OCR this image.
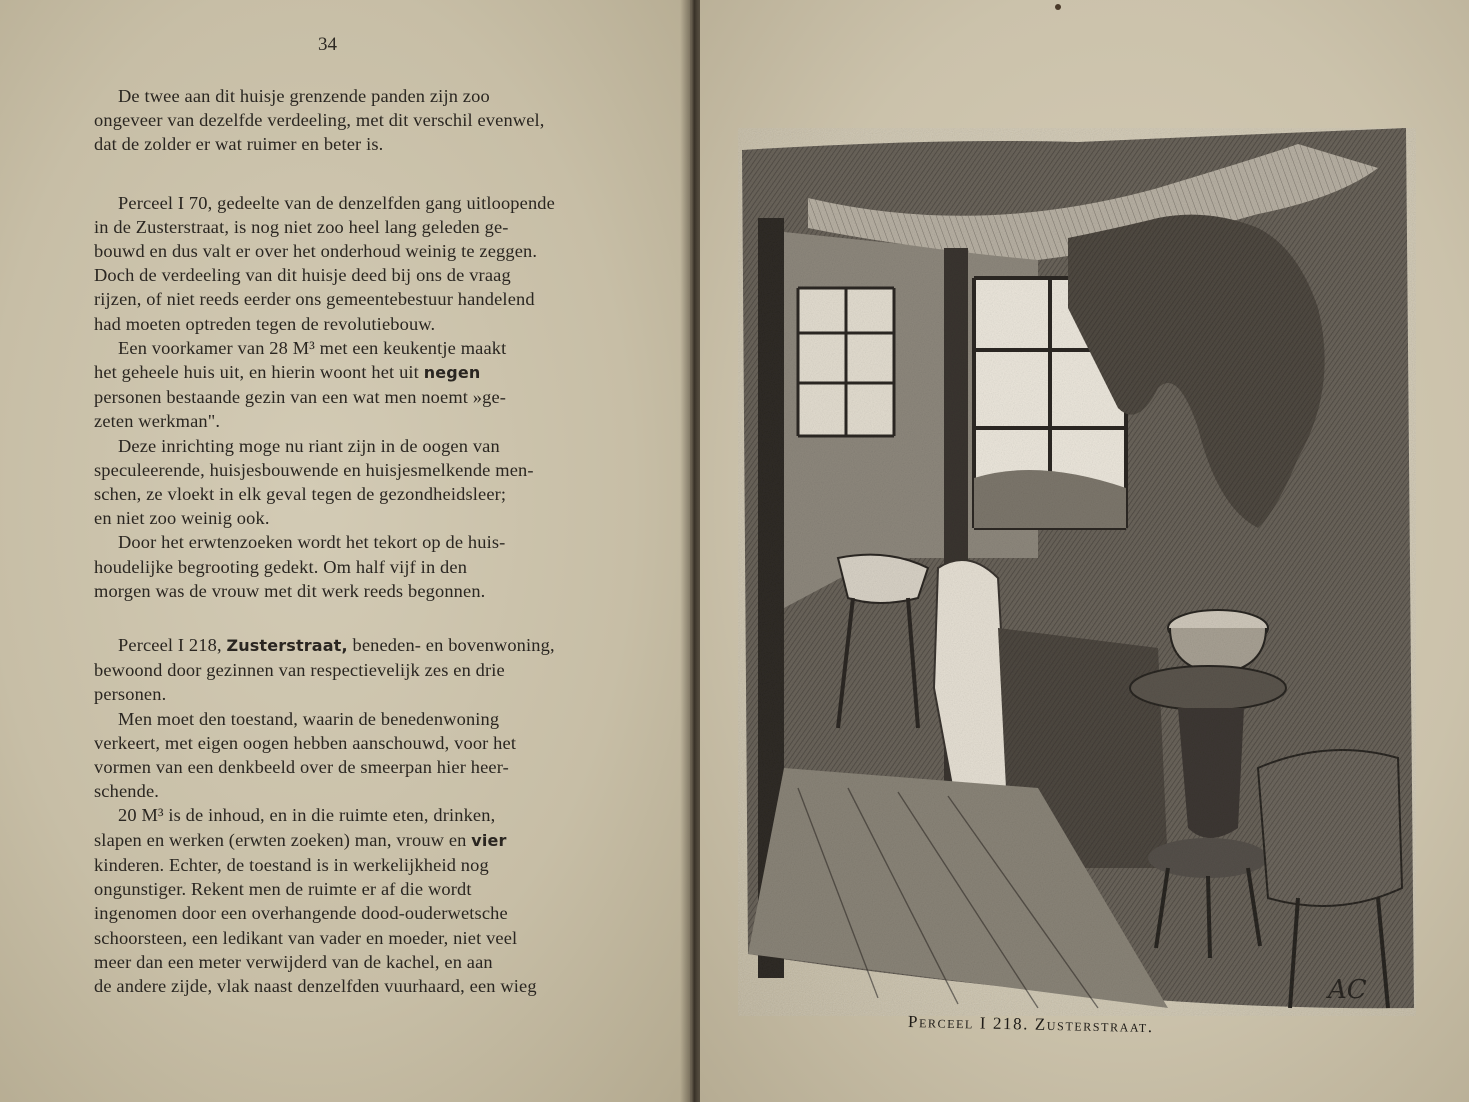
34

De twee aan dit huisje grenzende panden zijn zoo
ongeveer van dezelfde verdeeling, met dit verschil evenwel,
dat de zolder er wat ruimer en beter is.

Perceel I 70, gedeelte van de denzelfden gang uitloopende
in de Zusterstraat, is nog niet zoo heel lang geleden ge-
bouwd en dus valt er over het onderhoud weinig te zeggen.
Doch de verdeeling van dit huisje deed bij ons de vraag
rijzen, of niet reeds eerder ons gemeentebestuur handelend
had moeten optreden tegen de revolutiebouw.

Een voorkamer van 28 M³ met een keukentje maakt
het geheele huis uit, en hierin woont het uit negen
personen bestaande gezin van een wat men noemt »ge-
zeten werkman".

Deze inrichting moge nu riant zijn in de oogen van
speculeerende, huisjesbouwende en huisjesmelkende men-
schen, ze vloekt in elk geval tegen de gezondheidsleer;
en niet zoo weinig ook.

Door het erwtenzoeken wordt het tekort op de huis-
houdelijke begrooting gedekt. Om half vijf in den
morgen was de vrouw met dit werk reeds begonnen.

Perceel I 218, Zusterstraat, beneden- en bovenwoning,
bewoond door gezinnen van respectievelijk zes en drie
personen.

Men moet den toestand, waarin de benedenwoning
verkeert, met eigen oogen hebben aanschouwd, voor het
vormen van een denkbeeld over de smeerpan hier heer-
schende.

20 M³ is de inhoud, en in die ruimte eten, drinken,
slapen en werken (erwten zoeken) man, vrouw en vier
kinderen. Echter, de toestand is in werkelijkheid nog
ongunstiger. Rekent men de ruimte er af die wordt
ingenomen door een overhangende dood-ouderwetsche
schoorsteen, een ledikant van vader en moeder, niet veel
meer dan een meter verwijderd van de kachel, en aan
de andere zijde, vlak naast denzelfden vuurhaard, een wieg	AC
Perceel I 218. Zusterstraat.
